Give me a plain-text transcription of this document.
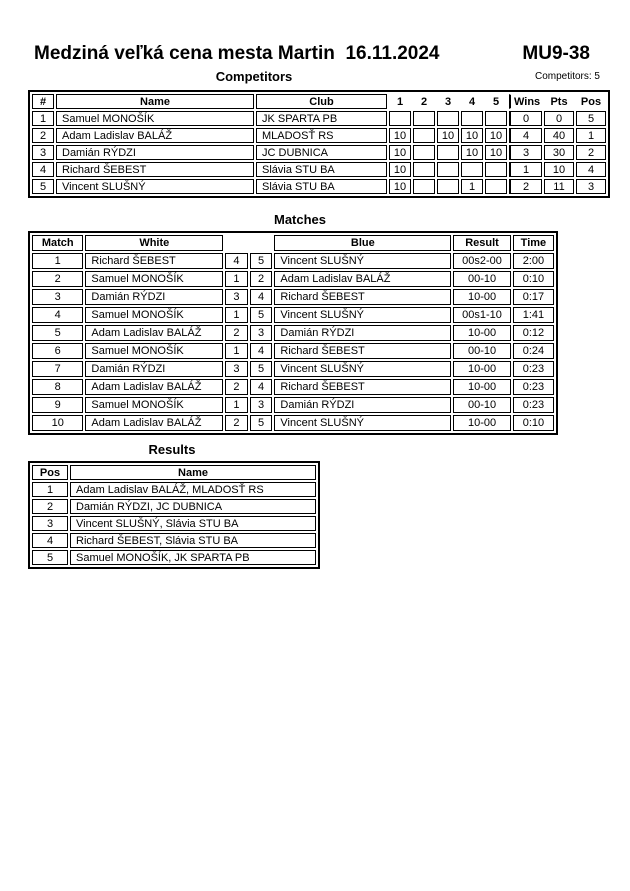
Medziná veľká cena mesta Martin  16.11.2024	MU9-38
Competitors	Competitors: 5
#	Name	Club	1	2	3	4	5	Wins	Pts	Pos
1	Samuel MONOŠÍK	JK SPARTA PB						0	0	5
2	Adam Ladislav BALÁŽ	MLADOSŤ RS	10		10	10	10	4	40	1
3	Damián RÝDZI	JC DUBNICA	10			10	10	3	30	2
4	Richard ŠEBEST	Slávia STU BA	10					1	10	4
5	Vincent SLUŠNÝ	Slávia STU BA	10			1		2	11	3
Matches
Match	White			Blue	Result	Time
1	Richard ŠEBEST	4	5	Vincent SLUŠNÝ	00s2-00	2:00
2	Samuel MONOŠÍK	1	2	Adam Ladislav BALÁŽ	00-10	0:10
3	Damián RÝDZI	3	4	Richard ŠEBEST	10-00	0:17
4	Samuel MONOŠÍK	1	5	Vincent SLUŠNÝ	00s1-10	1:41
5	Adam Ladislav BALÁŽ	2	3	Damián RÝDZI	10-00	0:12
6	Samuel MONOŠÍK	1	4	Richard ŠEBEST	00-10	0:24
7	Damián RÝDZI	3	5	Vincent SLUŠNÝ	10-00	0:23
8	Adam Ladislav BALÁŽ	2	4	Richard ŠEBEST	10-00	0:23
9	Samuel MONOŠÍK	1	3	Damián RÝDZI	00-10	0:23
10	Adam Ladislav BALÁŽ	2	5	Vincent SLUŠNÝ	10-00	0:10
Results
Pos	Name
1	Adam Ladislav BALÁŽ, MLADOSŤ RS
2	Damián RÝDZI, JC DUBNICA
3	Vincent SLUŠNÝ, Slávia STU BA
4	Richard ŠEBEST, Slávia STU BA
5	Samuel MONOŠÍK, JK SPARTA PB
